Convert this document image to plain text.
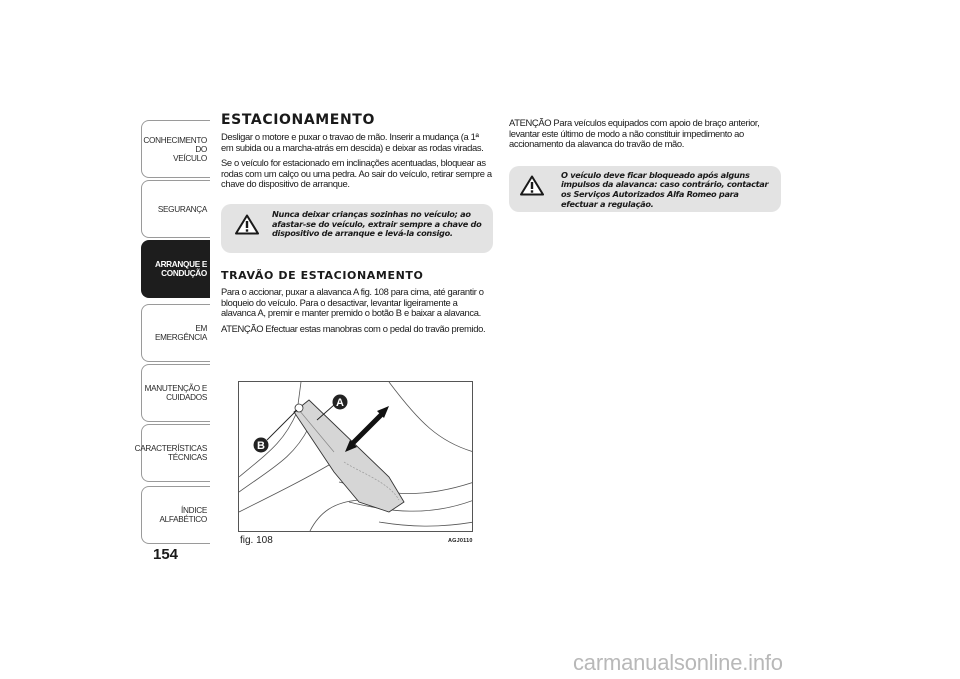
CONHECIMENTO DO
VEÍCULO
SEGURANÇA
ARRANQUE E
CONDUÇÃO
EM EMERGÊNCIA
MANUTENÇÃO E
CUIDADOS
CARACTERÍSTICAS
TÉCNICAS
ÍNDICE ALFABÉTICO
154
ESTACIONAMENTO

Desligar o motore e puxar o travao de mão. Inserir a mudança (a 1ª em subida ou a marcha-atrás em descida) e deixar as rodas viradas.

Se o veículo for estacionado em inclinações acentuadas, bloquear as rodas com um calço ou uma pedra. Ao sair do veículo, retirar sempre a chave do dispositivo de arranque.

Nunca deixar crianças sozinhas no veículo; ao afastar-se do veículo, extrair sempre a chave do dispositivo de arranque e levá-la consigo.
TRAVÃO DE ESTACIONAMENTO

Para o accionar, puxar a alavanca A fig. 108 para cima, até garantir o bloqueio do veículo. Para o desactivar, levantar ligeiramente a alavanca A, premir e manter premido o botão B e baixar a alavanca.

ATENÇÃO Efectuar estas manobras com o pedal do travão premido.

A
B
fig. 108	AGJ0110

ATENÇÃO Para veículos equipados com apoio de braço anterior, levantar este último de modo a não constituir impedimento ao accionamento da alavanca do travão de mão.

O veículo deve ficar bloqueado após alguns impulsos da alavanca: caso contrário, contactar os Serviços Autorizados Alfa Romeo para efectuar a regulação.
carmanualsonline.info
